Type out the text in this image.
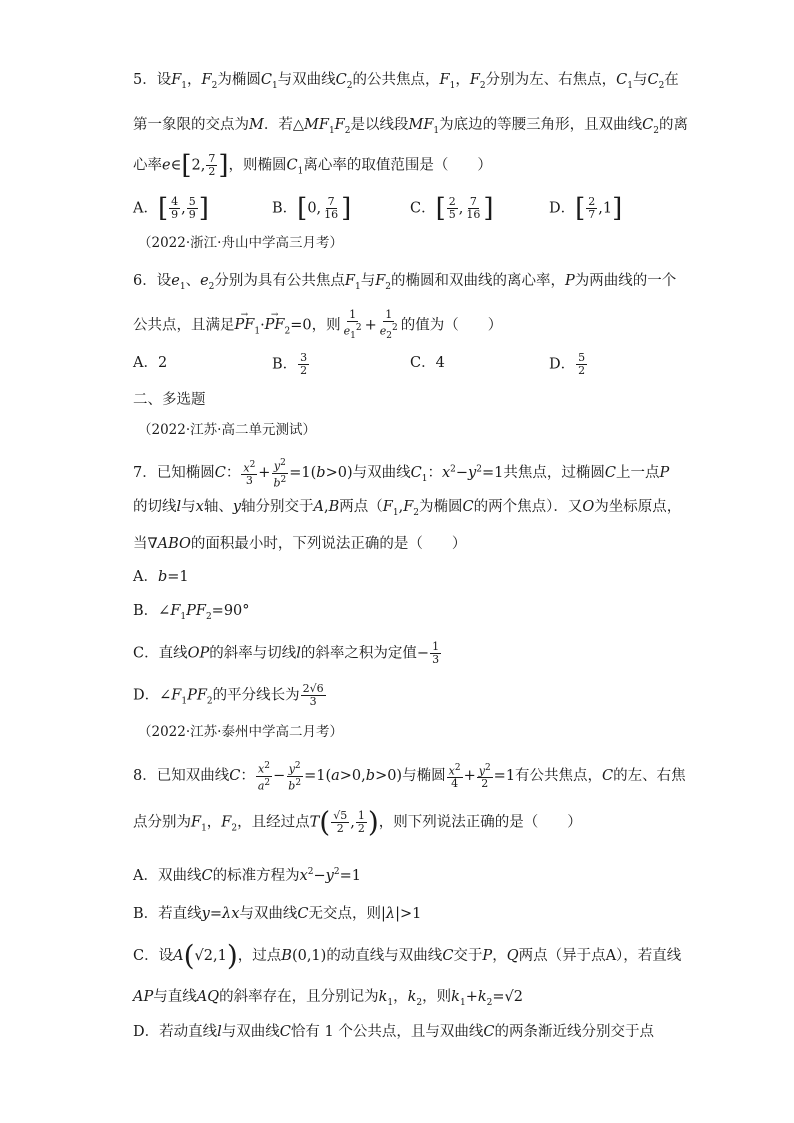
5．设$F_1$，$F_2$为椭圆$C_1$与双曲线$C_2$的公共焦点，$F_1$，$F_2$分别为左、右焦点，$C_1$与$C_2$在
第一象限的交点为M．若$\triangle MF_1F_2$是以线段$MF_1$为底边的等腰三角形，且双曲线$C_2$的离
心率e∈[2, $\frac{7}{2}$ ]，则椭圆$C_1$离心率的取值范围是（　　）
A．[ $\frac{4}{9}$ , $\frac{5}{9}$ ]	B．[0, $\frac{7}{16}$ ]	C．[ $\frac{2}{5}$ , $\frac{7}{16}$ ]	D．[ $\frac{2}{7} ,1$]
（2022·浙江·舟山中学高三月考）
6．设$e_1$、$e_2$分别为具有公共焦点$F_1$与$F_2$的椭圆和双曲线的离心率，P为两曲线的一个
公共点，且满足→ $PF_1\cdot\to PF_2=0$，则 $\frac{1}{e_1^2} + \frac{1}{e_2^2}$ 的值为（　　）
A．2	B． $\frac{3}{2}$	C．4	D． $\frac{5}{2}$
二、多选题
（2022·江苏·高二单元测试）
7．已知椭圆C： $\frac{x^2}{3} + \frac{y^2}{b^2} =1(b>0)$与双曲线$C_1$：$x^2-y^2=1$共焦点，过椭圆C上一点P
的切线l与x轴、y轴分别交于A,B两点（$F_1,F_2$为椭圆C的两个焦点）．又O为坐标原点，
当∇ABO的面积最小时，下列说法正确的是（　　）
A．b=1
B．$\angle F_1PF_2=90^\circ$
C．直线OP的斜率与切线l的斜率之积为定值− $\frac{1}{3}$
D．$\angle F_1PF_2$的平分线长为 $\frac{2√6}{3}$
（2022·江苏·泰州中学高二月考）
8．已知双曲线C： $\frac{x^2}{a^2} - \frac{y^2}{b^2} =1(a>0,b>0)$与椭圆 $\frac{x^2}{4} + \frac{y^2}{2} =1$有公共焦点，C的左、右焦
点分别为$F_1$，$F_2$，且经过点$T( \frac{√5}{2}$ , $\frac{1}{2}$ )，则下列说法正确的是（　　）
A．双曲线C的标准方程为$x^2-y^2=1$
B．若直线y=λx与双曲线C无交点，则|λ|>1
C．设A(√2,1)，过点B(0,1)的动直线与双曲线C交于P，Q两点（异于点A），若直线
AP与直线AQ的斜率存在，且分别记为$k_1$，$k_2$，则$k_1+k_2=√2$
D．若动直线l与双曲线C恰有 1 个公共点，且与双曲线C的两条渐近线分别交于点
